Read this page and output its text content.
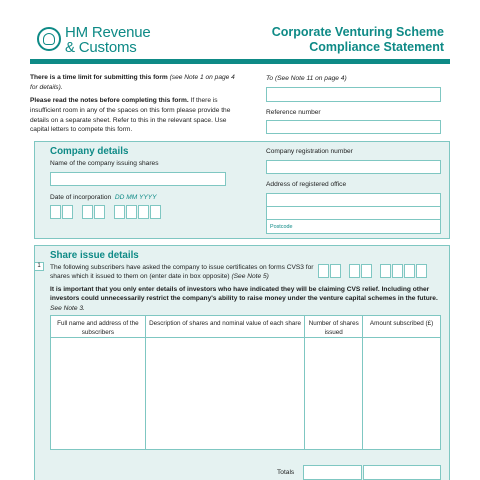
HM Revenue
& Customs
Corporate Venturing Scheme
Compliance Statement
There is a time limit for submitting this form (see Note 1 on page 4 for details).
Please read the notes before completing this form. If there is insufficient room in any of the spaces on this form please provide the details on a separate sheet. Refer to this in the relevant space. Use capital letters to compete this form.
To (See Note 11 on page 4)
Reference number
Company details
Name of the company issuing shares
Date of incorporation DD MM YYYY
Company registration number
Address of registered office
Postcode
Share issue details
1	The following subscribers have asked the company to issue certificates on forms CVS3 for shares which it issued to them on (enter date in box opposite) (See Note 5)
It is important that you only enter details of investors who have indicated they will be claiming CVS relief. Including other investors could unnecessarily restrict the company's ability to raise money under the venture capital schemes in the future. See Note 3.
Full name and address of the subscribers	Description of shares and nominal value of each share	Number of shares issued	Amount subscribed (£)

Totals
